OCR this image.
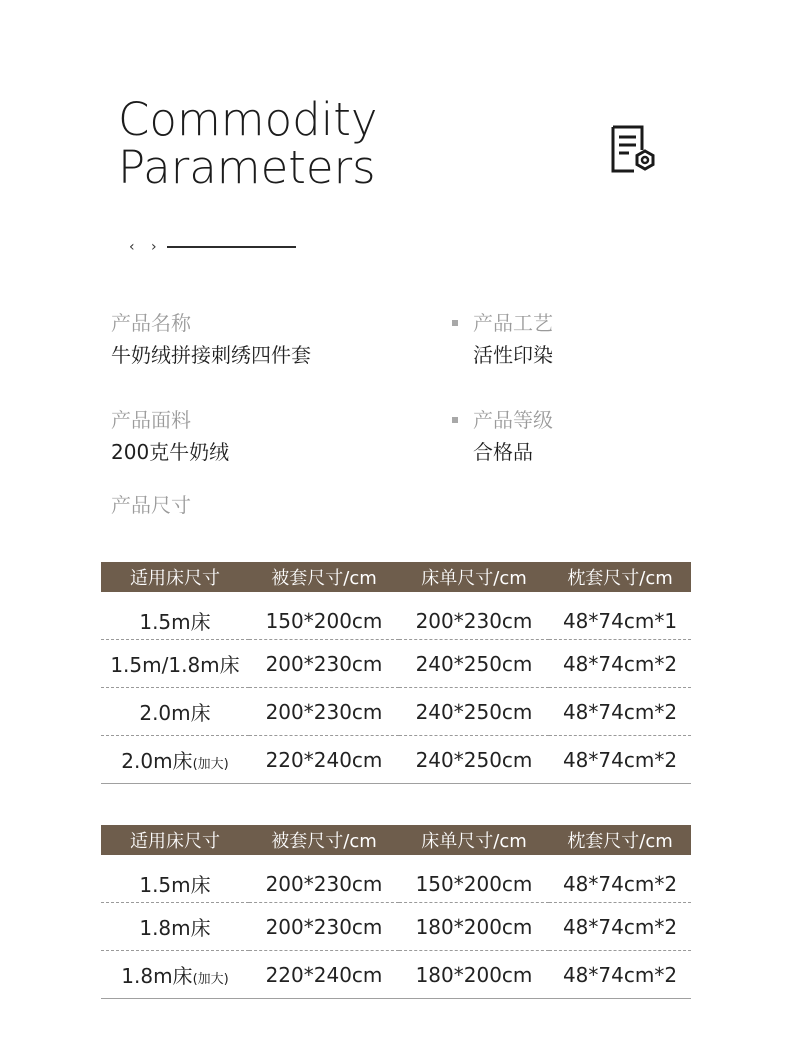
Commodity
Parameters
‹ ›
产品名称
牛奶绒拼接刺绣四件套
产品工艺
活性印染
产品面料
200克牛奶绒
产品等级
合格品
产品尺寸
适用床尺寸	被套尺寸/cm	床单尺寸/cm	枕套尺寸/cm
1.5m床	150*200cm	200*230cm	48*74cm*1
1.5m/1.8m床	200*230cm	240*250cm	48*74cm*2
2.0m床	200*230cm	240*250cm	48*74cm*2
2.0m床(加大)	220*240cm	240*250cm	48*74cm*2
适用床尺寸	被套尺寸/cm	床单尺寸/cm	枕套尺寸/cm
1.5m床	200*230cm	150*200cm	48*74cm*2
1.8m床	200*230cm	180*200cm	48*74cm*2
1.8m床(加大)	220*240cm	180*200cm	48*74cm*2
